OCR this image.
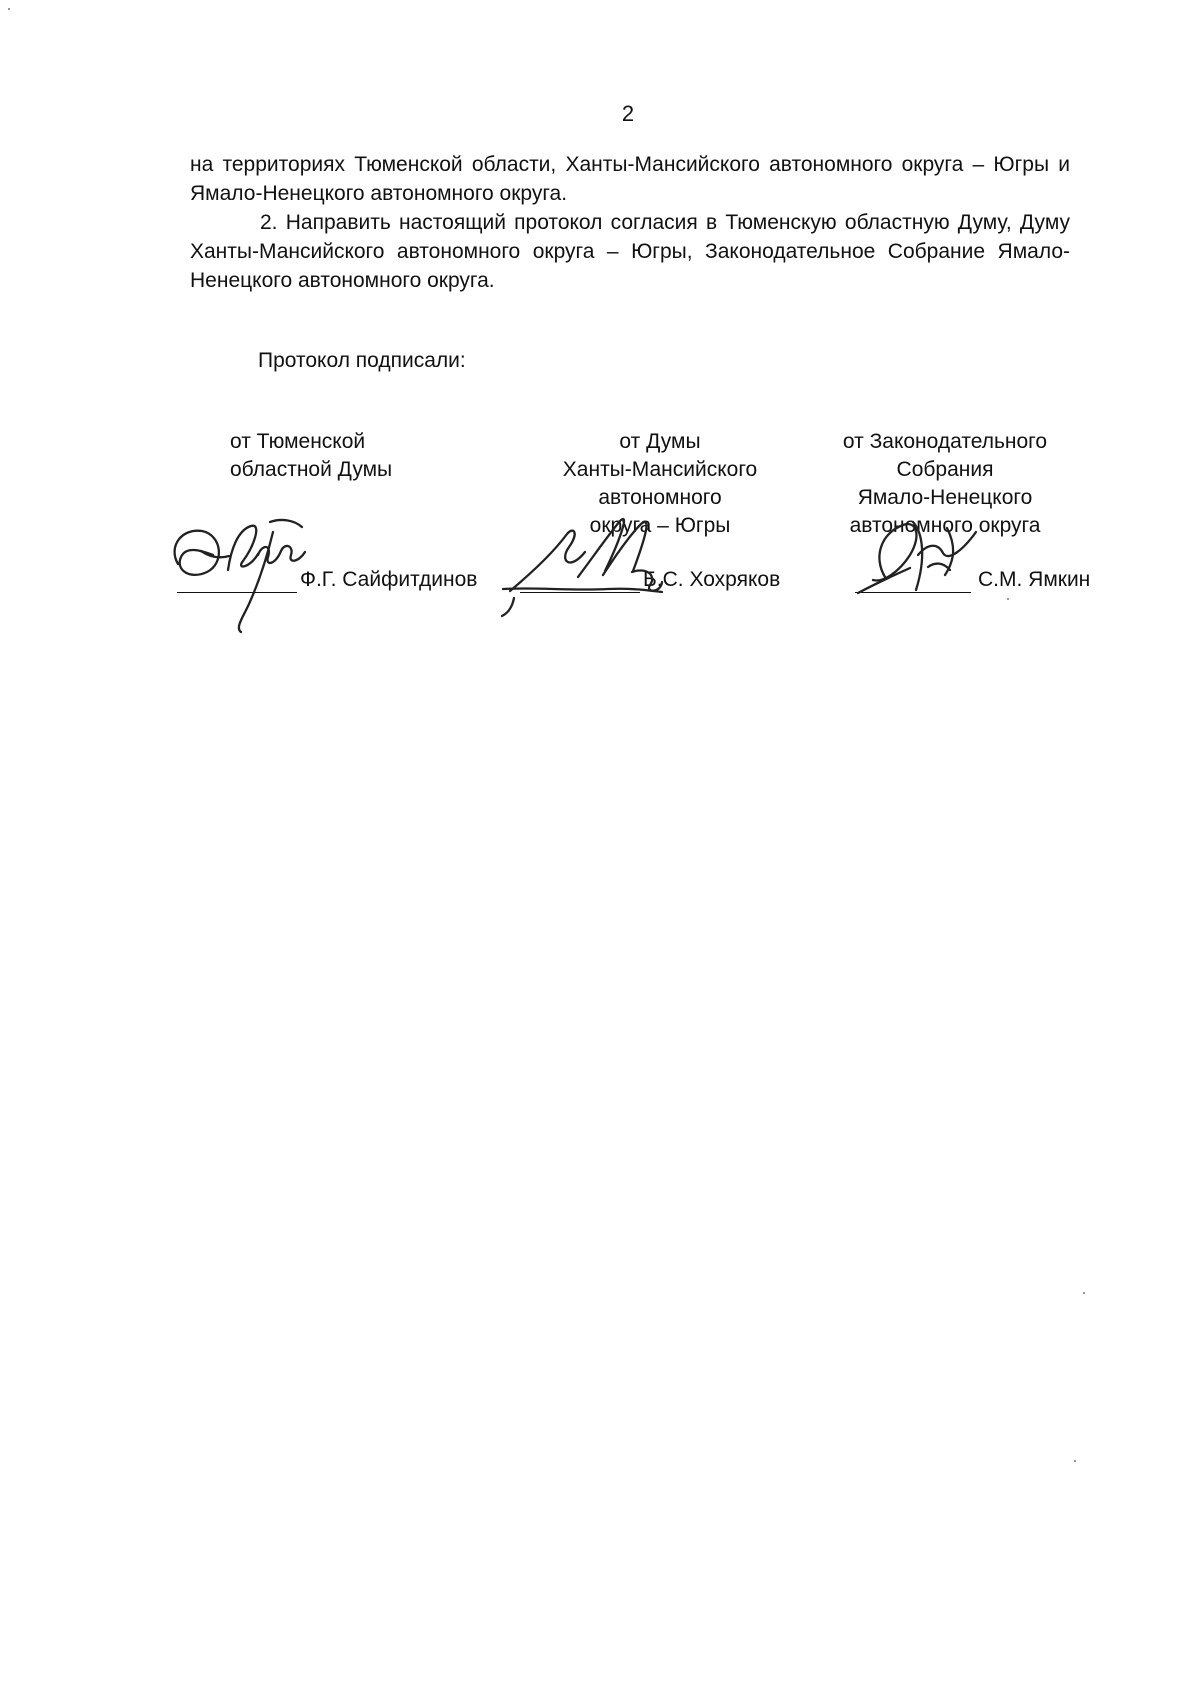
2

на территориях Тюменской области, Ханты-Мансийского автономного округа – Югры и Ямало-Ненецкого автономного округа.

2. Направить настоящий протокол согласия в Тюменскую областную Думу, Думу Ханты-Мансийского автономного округа – Югры, Законодательное Собрание Ямало-Ненецкого автономного округа.

Протокол подписали:
от Тюменской
областной Думы
от Думы
Ханты-Мансийского
автономного
округа – Югры
от Законодательного
Собрания
Ямало-Ненецкого
автономного округа
Ф.Г. Сайфитдинов	Б.С. Хохряков	С.М. Ямкин
